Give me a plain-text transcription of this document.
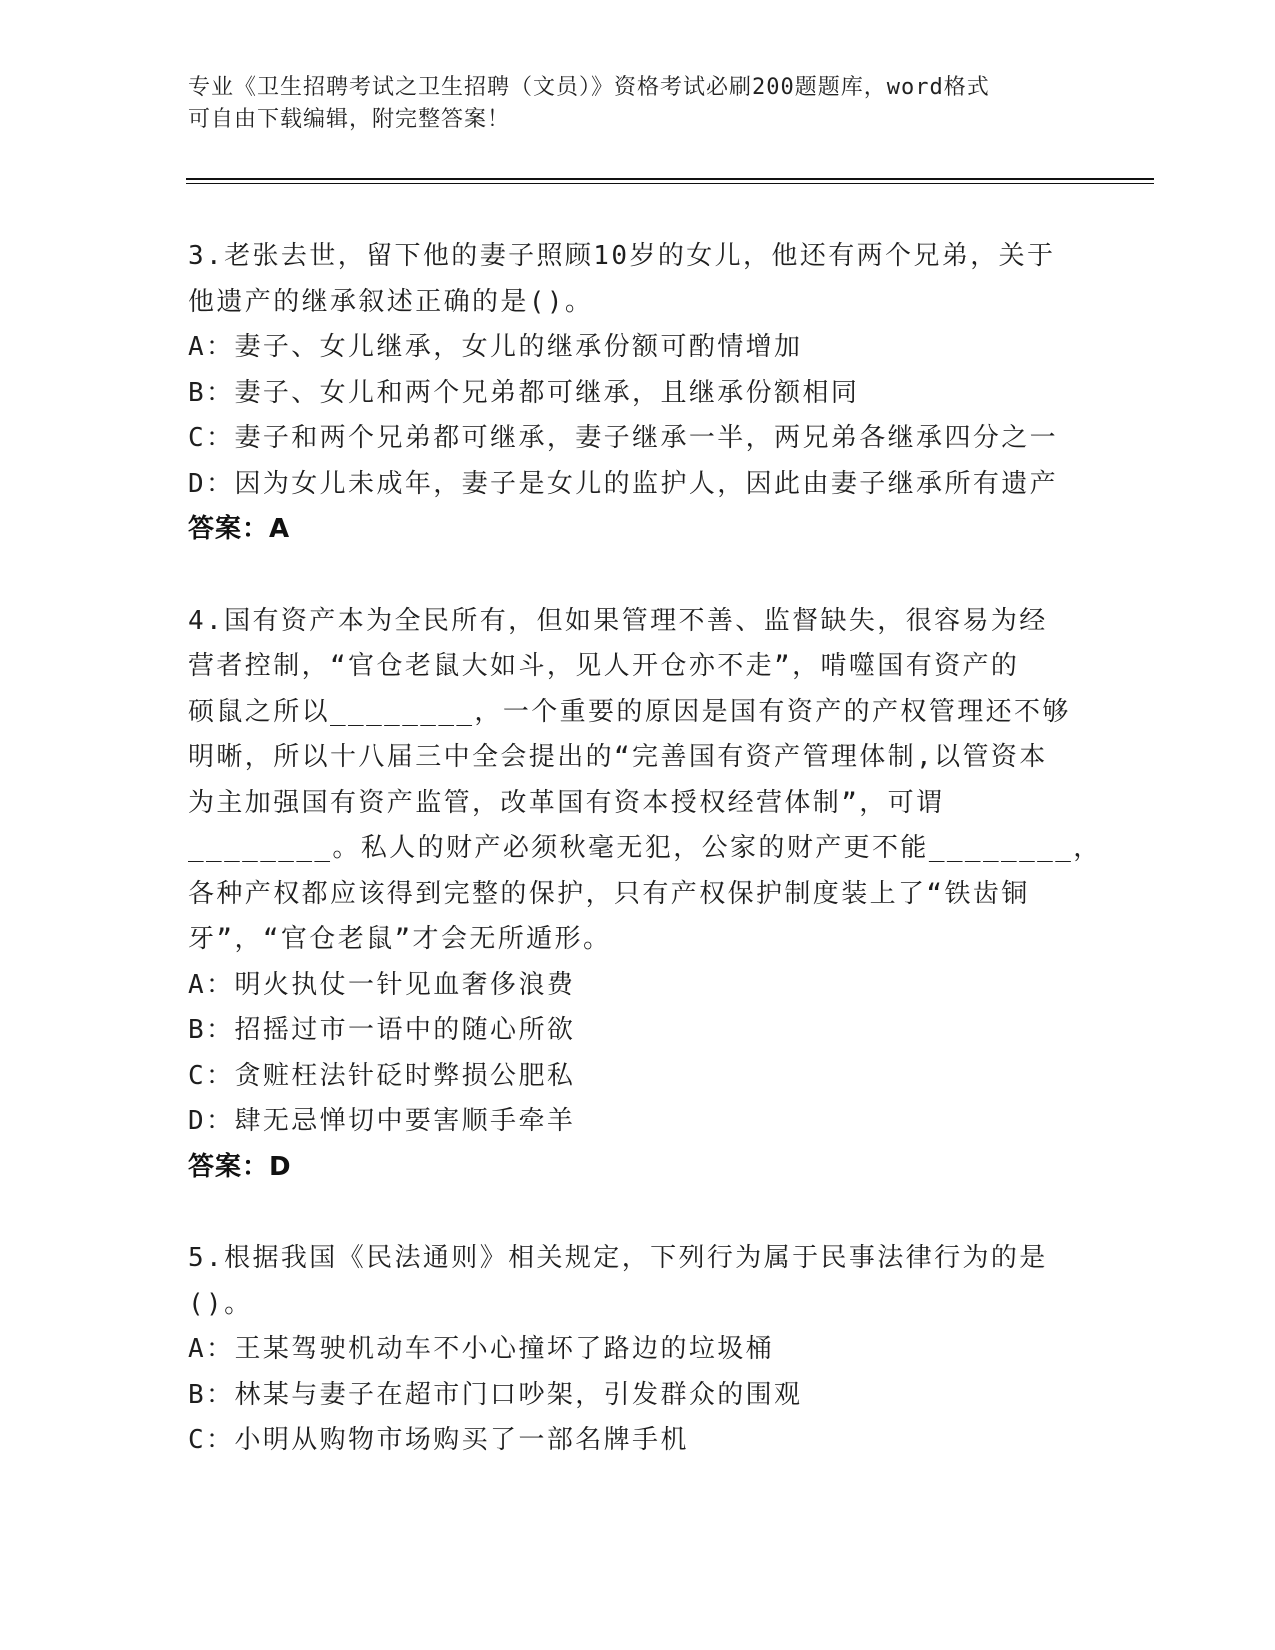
专业《卫生招聘考试之卫生招聘（文员）》资格考试必刷200题题库，word格式
可自由下载编辑，附完整答案！
3.老张去世，留下他的妻子照顾10岁的女儿，他还有两个兄弟，关于
他遗产的继承叙述正确的是()。
A：妻子、女儿继承，女儿的继承份额可酌情增加
B：妻子、女儿和两个兄弟都可继承，且继承份额相同
C：妻子和两个兄弟都可继承，妻子继承一半，两兄弟各继承四分之一
D：因为女儿未成年，妻子是女儿的监护人，因此由妻子继承所有遗产
答案：A
4.国有资产本为全民所有，但如果管理不善、监督缺失，很容易为经
营者控制，“官仓老鼠大如斗，见人开仓亦不走”，啃噬国有资产的
硕鼠之所以________，一个重要的原因是国有资产的产权管理还不够
明晰，所以十八届三中全会提出的“完善国有资产管理体制,以管资本
为主加强国有资产监管，改革国有资本授权经营体制”，可谓
________。私人的财产必须秋毫无犯，公家的财产更不能________，
各种产权都应该得到完整的保护，只有产权保护制度装上了“铁齿铜
牙”，“官仓老鼠”才会无所遁形。
A：明火执仗一针见血奢侈浪费
B：招摇过市一语中的随心所欲
C：贪赃枉法针砭时弊损公肥私
D：肆无忌惮切中要害顺手牵羊
答案：D
5.根据我国《民法通则》相关规定，下列行为属于民事法律行为的是
()。
A：王某驾驶机动车不小心撞坏了路边的垃圾桶
B：林某与妻子在超市门口吵架，引发群众的围观
C：小明从购物市场购买了一部名牌手机
